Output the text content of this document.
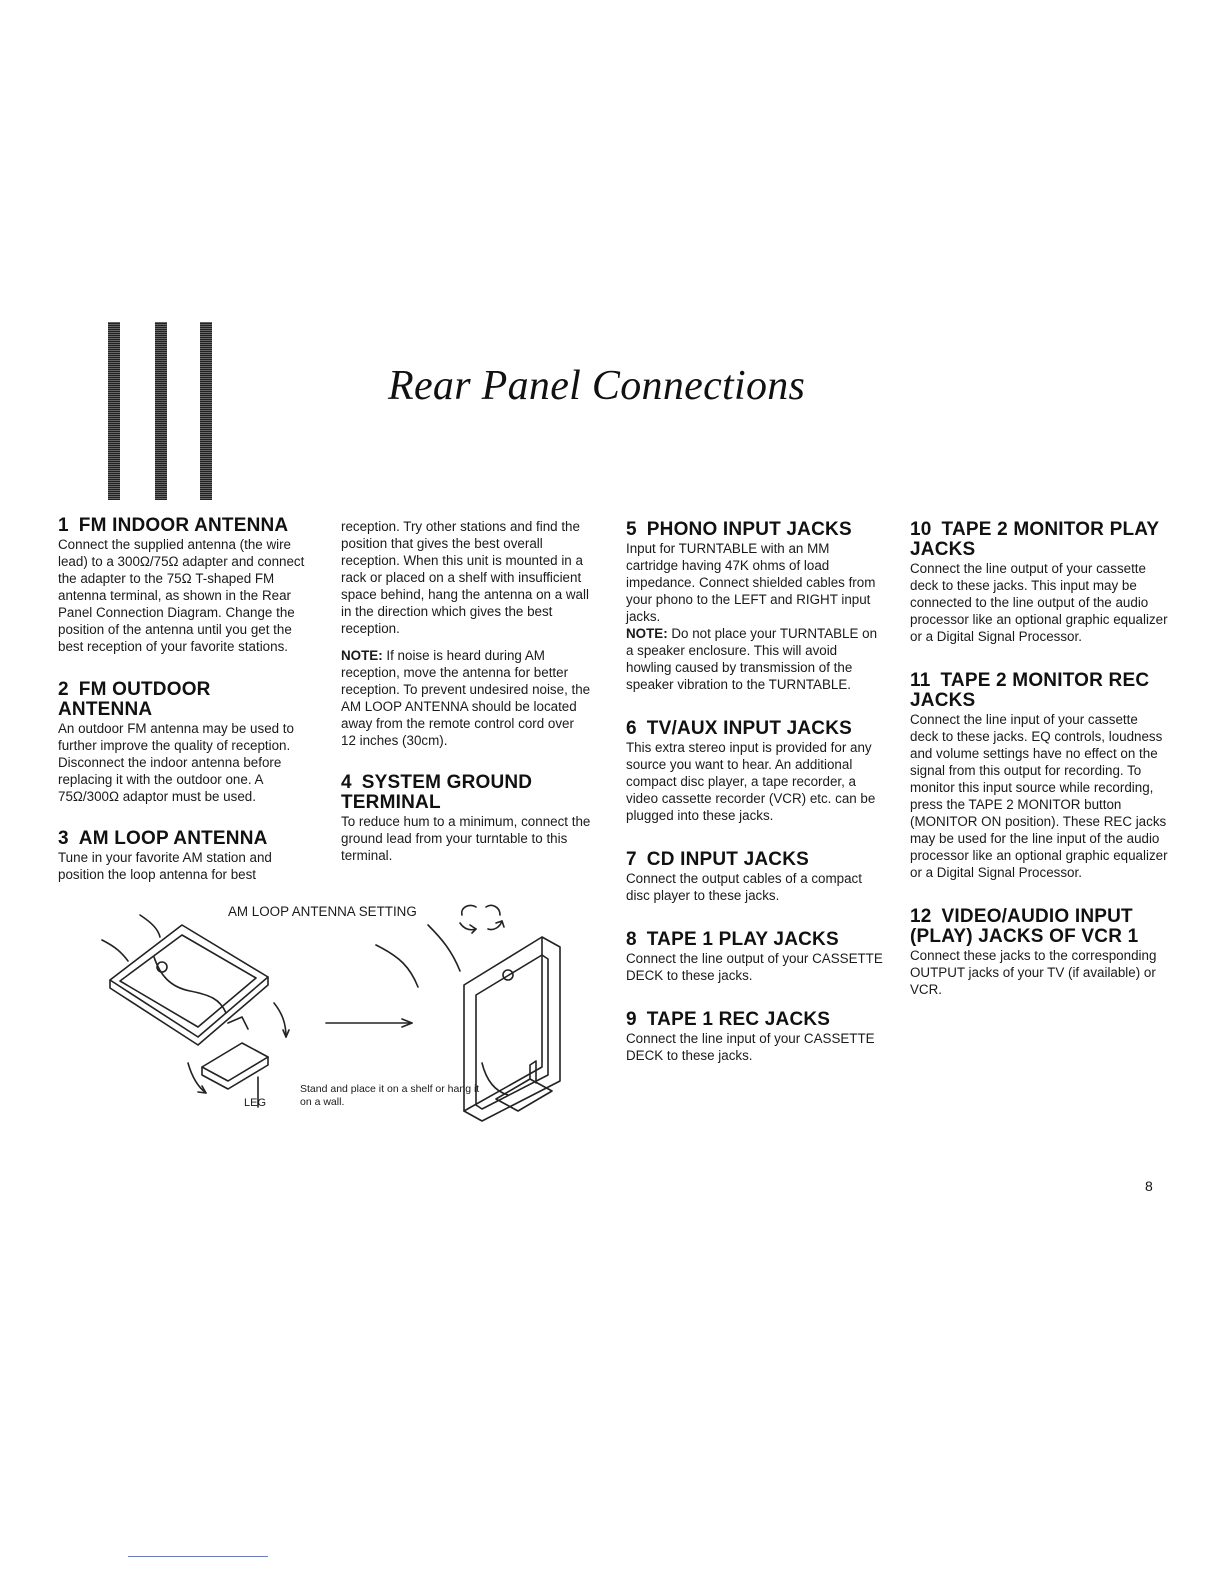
Rear Panel Connections
1 FM INDOOR ANTENNA

Connect the supplied antenna (the wire lead) to a 300Ω/75Ω adapter and connect the adapter to the 75Ω T-shaped FM antenna terminal, as shown in the Rear Panel Connection Diagram. Change the position of the antenna until you get the best reception of your favorite stations.

2 FM OUTDOOR ANTENNA

An outdoor FM antenna may be used to further improve the quality of reception. Disconnect the indoor antenna before replacing it with the outdoor one. A 75Ω/300Ω adaptor must be used.

3 AM LOOP ANTENNA

Tune in your favorite AM station and position the loop antenna for best

reception. Try other stations and find the position that gives the best overall reception. When this unit is mounted in a rack or placed on a shelf with insufficient space behind, hang the antenna on a wall in the direction which gives the best reception.

NOTE: If noise is heard during AM reception, move the antenna for better reception. To prevent undesired noise, the AM LOOP ANTENNA should be located away from the remote control cord over 12 inches (30cm).

4 SYSTEM GROUND TERMINAL

To reduce hum to a minimum, connect the ground lead from your turntable to this terminal.

5 PHONO INPUT JACKS

Input for TURNTABLE with an MM cartridge having 47K ohms of load impedance. Connect shielded cables from your phono to the LEFT and RIGHT input jacks.

NOTE: Do not place your TURNTABLE on a speaker enclosure. This will avoid howling caused by transmission of the speaker vibration to the TURNTABLE.

6 TV/AUX INPUT JACKS

This extra stereo input is provided for any source you want to hear. An additional compact disc player, a tape recorder, a video cassette recorder (VCR) etc. can be plugged into these jacks.

7 CD INPUT JACKS

Connect the output cables of a compact disc player to these jacks.

8 TAPE 1 PLAY JACKS

Connect the line output of your CASSETTE DECK to these jacks.

9 TAPE 1 REC JACKS

Connect the line input of your CASSETTE DECK to these jacks.

10 TAPE 2 MONITOR PLAY JACKS

Connect the line output of your cassette deck to these jacks. This input may be connected to the line output of the audio processor like an optional graphic equalizer or a Digital Signal Processor.

11 TAPE 2 MONITOR REC JACKS

Connect the line input of your cassette deck to these jacks. EQ controls, loudness and volume settings have no effect on the signal from this output for recording. To monitor this input source while recording, press the TAPE 2 MONITOR button (MONITOR ON position). These REC jacks may be used for the line input of the audio processor like an optional graphic equalizer or a Digital Signal Processor.

12 VIDEO/AUDIO INPUT (PLAY) JACKS OF VCR 1

Connect these jacks to the corresponding OUTPUT jacks of your TV (if available) or VCR.

AM LOOP ANTENNA SETTING
LEG
Stand and place it on a shelf or hang it on a wall.
8
